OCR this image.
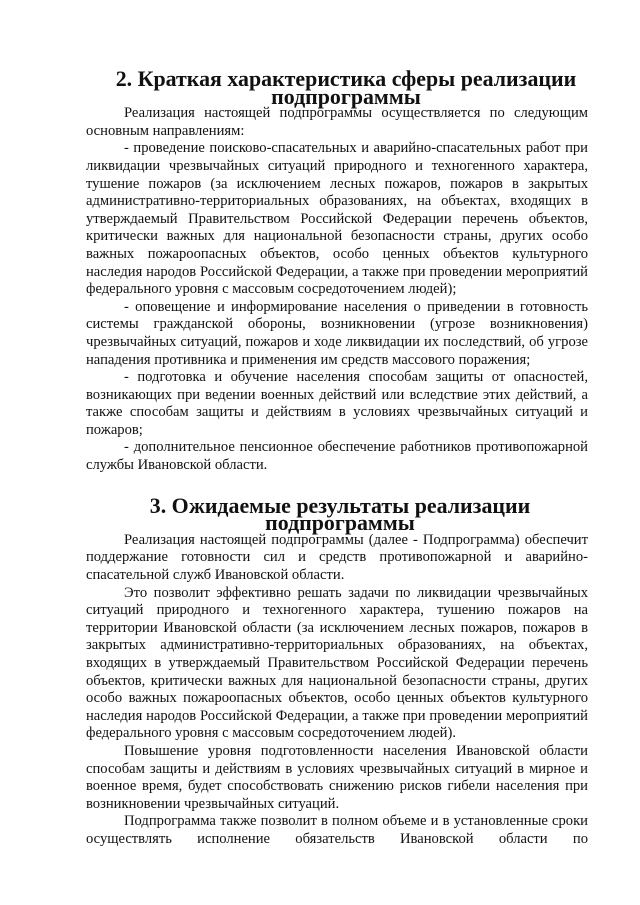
2. Краткая характеристика сферы реализации подпрограммы

Реализация настоящей подпрограммы осуществляется по следующим основным направлениям:

- проведение поисково-спасательных и аварийно-спасательных работ при ликвидации чрезвычайных ситуаций природного и техногенного характера, тушение пожаров (за исключением лесных пожаров, пожаров в закрытых административно-территориальных образованиях, на объектах, входящих в утверждаемый Правительством Российской Федерации перечень объектов, критически важных для национальной безопасности страны, других особо важных пожароопасных объектов, особо ценных объектов культурного наследия народов Российской Федерации, а также при проведении мероприятий федерального уровня с массовым сосредоточением людей);

- оповещение и информирование населения о приведении в готовность системы гражданской обороны, возникновении (угрозе возникновения) чрезвычайных ситуаций, пожаров и ходе ликвидации их последствий, об угрозе нападения противника и применения им средств массового поражения;

- подготовка и обучение населения способам защиты от опасностей, возникающих при ведении военных действий или вследствие этих действий, а также способам защиты и действиям в условиях чрезвычайных ситуаций и пожаров;

- дополнительное пенсионное обеспечение работников противопожарной службы Ивановской области.

3. Ожидаемые результаты реализации подпрограммы

Реализация настоящей подпрограммы (далее - Подпрограмма) обеспечит поддержание готовности сил и средств противопожарной и аварийно-спасательной служб Ивановской области.

Это позволит эффективно решать задачи по ликвидации чрезвычайных ситуаций природного и техногенного характера, тушению пожаров на территории Ивановской области (за исключением лесных пожаров, пожаров в закрытых административно-территориальных образованиях, на объектах, входящих в утверждаемый Правительством Российской Федерации перечень объектов, критически важных для национальной безопасности страны, других особо важных пожароопасных объектов, особо ценных объектов культурного наследия народов Российской Федерации, а также при проведении мероприятий федерального уровня с массовым сосредоточением людей).

Повышение уровня подготовленности населения Ивановской области способам защиты и действиям в условиях чрезвычайных ситуаций в мирное и военное время, будет способствовать снижению рисков гибели населения при возникновении чрезвычайных ситуаций.

Подпрограмма также позволит в полном объеме и в установленные сроки осуществлять исполнение обязательств Ивановской области по
